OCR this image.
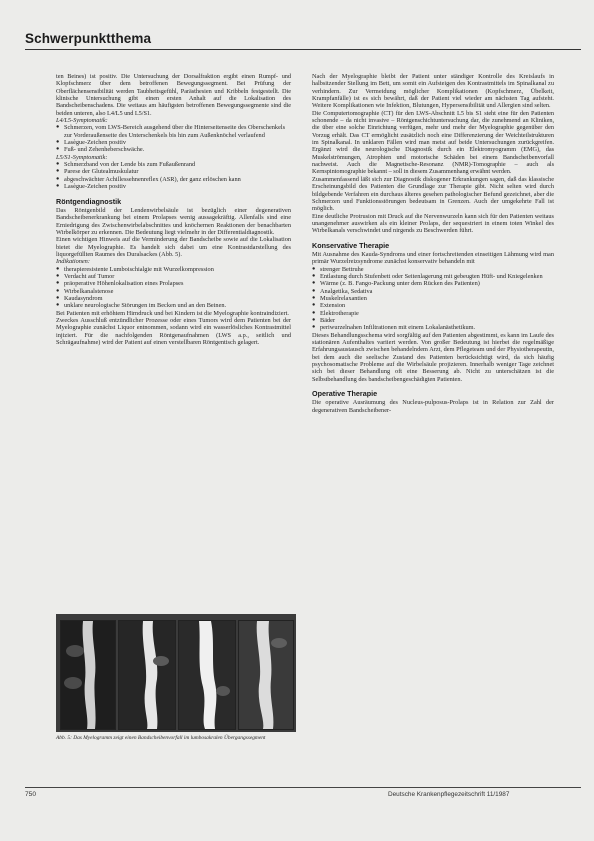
Schwerpunktthema

ten Beines) ist positiv. Die Untersuchung der Dorsalfraktion ergibt einen Rumpf- und Klopfschmerz über dem betroffenen Bewegungssegment. Bei Prüfung der Oberflächensensibilität werden Taubheitsgefühl, Parästhesien und Kribbeln festgestellt. Die klinische Untersuchung gibt einen ersten Anhalt auf die Lokalisation des Bandscheibenschadens. Die weitaus am häufigsten betroffenen Bewegungssegmente sind die beiden unteren, also L4/L5 und L5/S1.

L4/L5-Symptomatik:

● Schmerzen, vom LWS-Bereich ausgehend über die Hinterseitenseite des Oberschenkels zur Vorderaußenseite des Unterschenkels bis hin zum Außenknöchel verlaufend
● Lasègue-Zeichen positiv
● Fuß- und Zehenheberschwäche.

L5/S1-Symptomatik:

● Schmerzband von der Lende bis zum Fußaußenrand
● Parese der Glutealmuskulatur
● abgeschwächter Achillessehnenreflex (ASR), der ganz erlöschen kann
● Lasègue-Zeichen positiv
Röntgendiagnostik

Das Röntgenbild der Lendenwirbelsäule ist bezüglich einer degenerativen Bandscheibenerkrankung bei einem Prolapses wenig aussagekräftig. Allenfalls sind eine Erniedrigung des Zwischenwirbelabschnittes und knöchernen Reaktionen der benachbarten Wirbelkörper zu erkennen. Die Bedeutung liegt vielmehr in der Differentialdiagnostik.

Einen wichtigen Hinweis auf die Verminderung der Bandscheibe sowie auf die Lokalisation bietet die Myelographie. Es handelt sich dabei um eine Kontrastdarstellung des liquorgefüllten Raumes des Duralsackes (Abb. 5).

Indikationen:

● therapieresistente Lumboischialgie mit Wurzelkompression
● Verdacht auf Tumor
● präoperative Höhenlokalisation eines Prolapses
● Wirbelkanalstenose
● Kaudasyndrom
● unklare neurologische Störungen im Becken und an den Beinen.

Bei Patienten mit erhöhtem Hirndruck und bei Kindern ist die Myelographie kontraindiziert.

Zweckes Ausschluß entzündlicher Prozesse oder eines Tumors wird dem Patienten bei der Myelographie zunächst Liquor entnommen, sodann wird ein wasserlösliches Kontrastmittel injiziert. Für die nachfolgenden Röntgenaufnahmen (LWS a.p., seitlich und Schrägaufnahme) wird der Patient auf einen verstellbaren Röntgentisch gelagert.

Abb. 5: Das Myelogramm zeigt einen Bandscheibenvorfall im lumbosakralen Übergangssegment

Nach der Myelographie bleibt der Patient unter ständiger Kontrolle des Kreislaufs in halbsitzender Stellung im Bett, um somit ein Aufsteigen des Kontrastmittels im Spinalkanal zu verhindern. Zur Vermeidung möglicher Komplikationen (Kopfschmerz, Übelkeit, Krampfanfälle) ist es sich bewährt, daß der Patient viel wieder am nächsten Tag aufsteht. Weitere Komplikationen wie Infektion, Blutungen, Hypersensibilität und Allergien sind selten.

Die Computertomographie (CT) für den LWS-Abschnitt L5 bis S1 steht eine für den Patienten schonende – da nicht invasive – Röntgenschichtuntersuchung dar, die zunehmend an Kliniken, die über eine solche Einrichtung verfügen, mehr und mehr der Myelographie gegenüber den Vorzug erhält. Das CT ermöglicht zusätzlich noch eine Differenzierung der Weichteilstrukturen im Spinalkanal. In unklaren Fällen wird man meist auf beide Untersuchungen zurückgreifen. Ergänzt wird die neurologische Diagnostik durch ein Elektromyogramm (EMG), das Muskelströmungen, Atrophien und motorische Schäden bei einem Bandscheibenvorfall nachweist. Auch die Magnetische-Resonanz (NMR)-Tomographie – auch als Kernspintomographie bekannt – soll in diesem Zusammenhang erwähnt werden.

Zusammenfassend läßt sich zur Diagnostik diskogener Erkrankungen sagen, daß das klassische Erscheinungsbild des Patienten die Grundlage zur Therapie gibt. Nicht selten wird durch bildgebende Verfahren ein durchaus älteres gesehen pathologischer Befund gezeichnet, aber die Schmerzen und Funktionsstörungen bedeutsam in Grenzen. Auch der umgekehrte Fall ist möglich.

Eine deutliche Protrusion mit Druck auf die Nervenwurzeln kann sich für den Patienten weitaus unangenehmer auswirken als ein kleiner Prolaps, der sequestriert in einem toten Winkel des Wirbelkanals verschwindet und nirgends zu Beschwerden führt.

Konservative Therapie

Mit Ausnahme des Kauda-Syndroms und einer fortschreitenden einseitigen Lähmung wird man primär Wurzelreizsyndrome zunächst konservativ behandeln mit

● strenger Bettruhe
● Entlastung durch Stufenbett oder Seitenlagerung mit gebeugten Hüft- und Kniegelenken
● Wärme (z. B. Fango-Packung unter dem Rücken des Patienten)
● Analgetika, Sedativa
● Muskelrelaxantien
● Extension
● Elektrotherapie
● Bäder
● periwurzelnahen Infiltrationen mit einem Lokalanästhetikum.

Dieses Behandlungsschema wird sorgfältig auf den Patienten abgestimmt, es kann im Laufe des stationären Aufenthaltes variiert werden. Von großer Bedeutung ist hierbei die regelmäßige Erfahrungsaustausch zwischen behandelndem Arzt, dem Pflegeteam und der Physiotherapeutin, bei dem auch die seelische Zustand des Patienten berücksichtigt wird, da sich häufig psychosomatische Probleme auf die Wirbelsäule projizieren. Innerhalb weniger Tage zeichnet sich bei dieser Behandlung oft eine Besserung ab. Nicht zu unterschätzen ist die Selbstbehandlung des bandscheibengeschädigten Patienten.

Operative Therapie

Die operative Ausräumung des Nucleus-pulposus-Prolaps ist in Relation zur Zahl der degenerativen Bandscheibener-

750	Deutsche Krankenpflegezeitschrift 11/1987
